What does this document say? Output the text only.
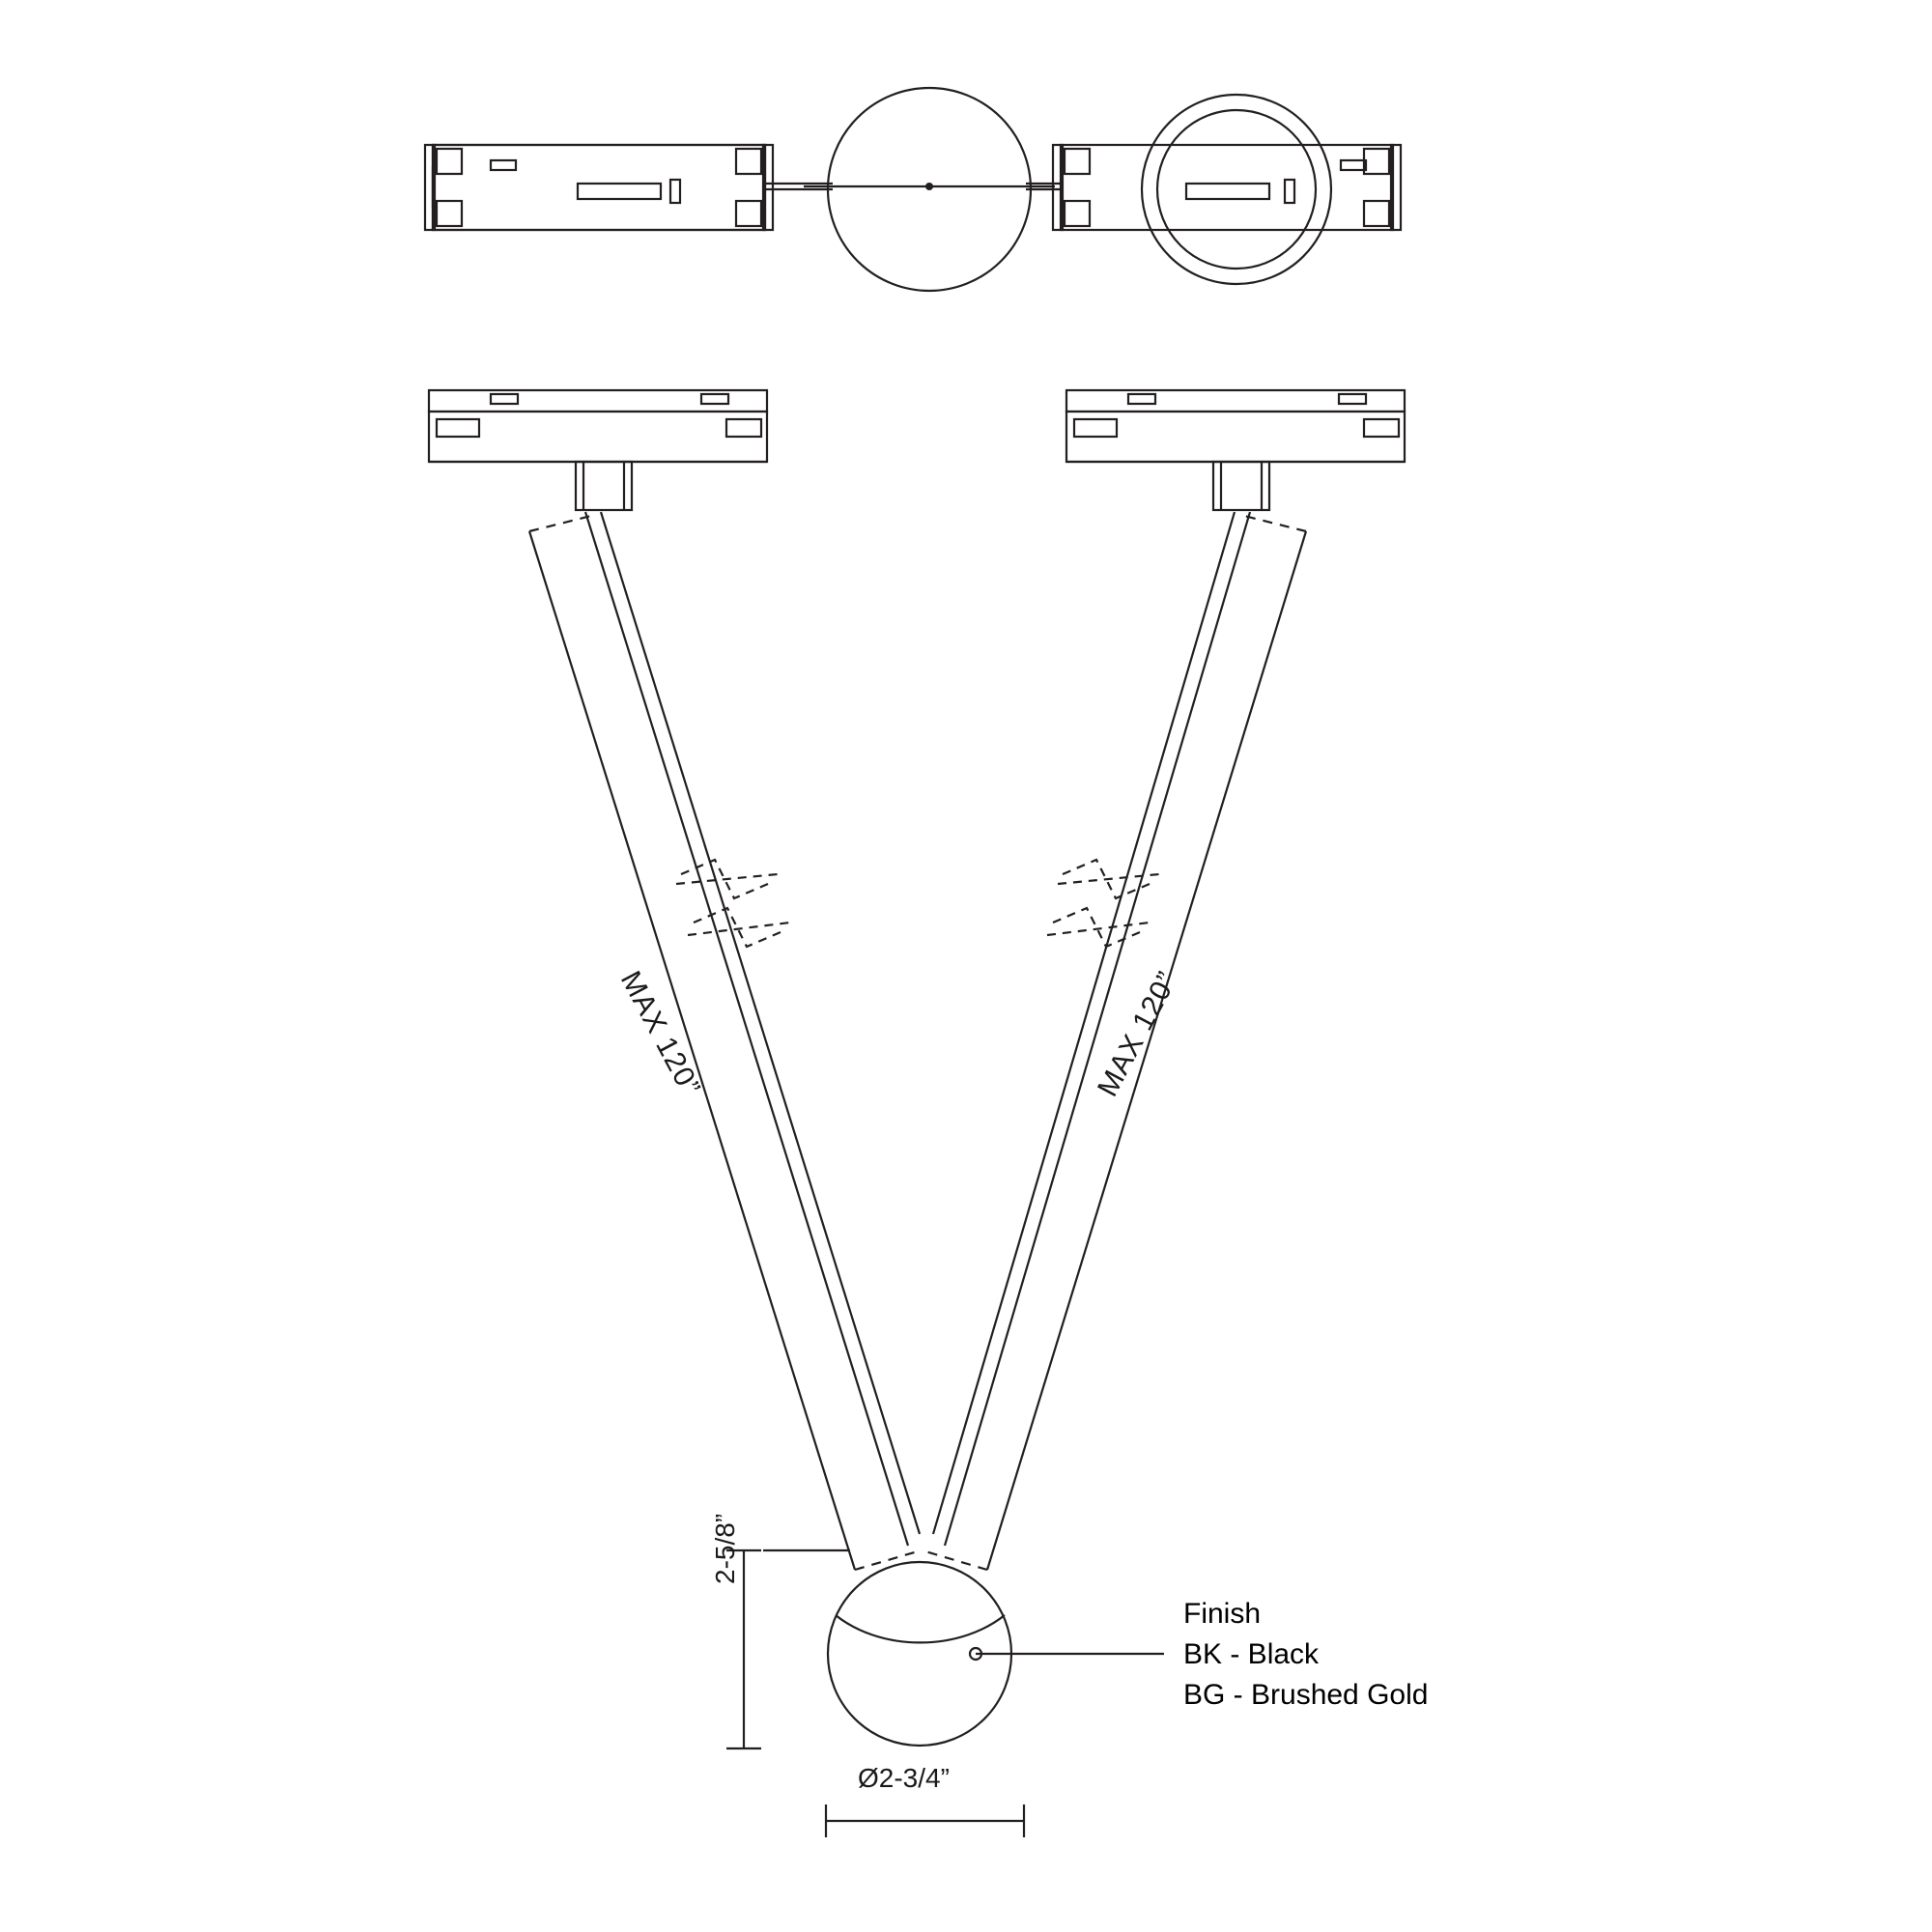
MAX 120”	MAX 120”
2-5/8”
Ø2-3/4”
Finish
BK - Black
BG - Brushed Gold
